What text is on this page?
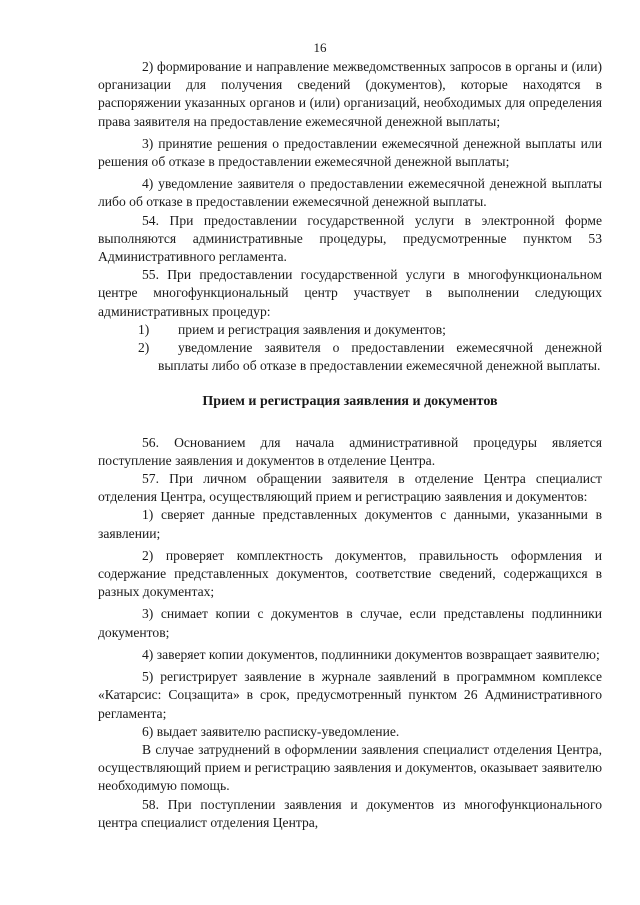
16

2) формирование и направление межведомственных запросов в органы и (или) организации для получения сведений (документов), которые находятся в распоряжении указанных органов и (или) организаций, необходимых для определения права заявителя на предоставление ежемесячной денежной выплаты;

3) принятие решения о предоставлении ежемесячной денежной выплаты или решения об отказе в предоставлении ежемесячной денежной выплаты;

4) уведомление заявителя о предоставлении ежемесячной денежной выплаты либо об отказе в предоставлении ежемесячной денежной выплаты.

54. При предоставлении государственной услуги в электронной форме выполняются административные процедуры, предусмотренные пунктом 53 Административного регламента.

55. При предоставлении государственной услуги в многофункциональном центре многофункциональный центр участвует в выполнении следующих административных процедур:

1) прием и регистрация заявления и документов;

2) уведомление заявителя о предоставлении ежемесячной денежной выплаты либо об отказе в предоставлении ежемесячной денежной выплаты.

Прием и регистрация заявления и документов

56. Основанием для начала административной процедуры является поступление заявления и документов в отделение Центра.

57. При личном обращении заявителя в отделение Центра специалист отделения Центра, осуществляющий прием и регистрацию заявления и документов:

1) сверяет данные представленных документов с данными, указанными в заявлении;

2) проверяет комплектность документов, правильность оформления и содержание представленных документов, соответствие сведений, содержащихся в разных документах;

3) снимает копии с документов в случае, если представлены подлинники документов;

4) заверяет копии документов, подлинники документов возвращает заявителю;

5) регистрирует заявление в журнале заявлений в программном комплексе «Катарсис: Соцзащита» в срок, предусмотренный пунктом 26 Административного регламента;

6) выдает заявителю расписку-уведомление.

В случае затруднений в оформлении заявления специалист отделения Центра, осуществляющий прием и регистрацию заявления и документов, оказывает заявителю необходимую помощь.

58. При поступлении заявления и документов из многофункционального центра специалист отделения Центра,
